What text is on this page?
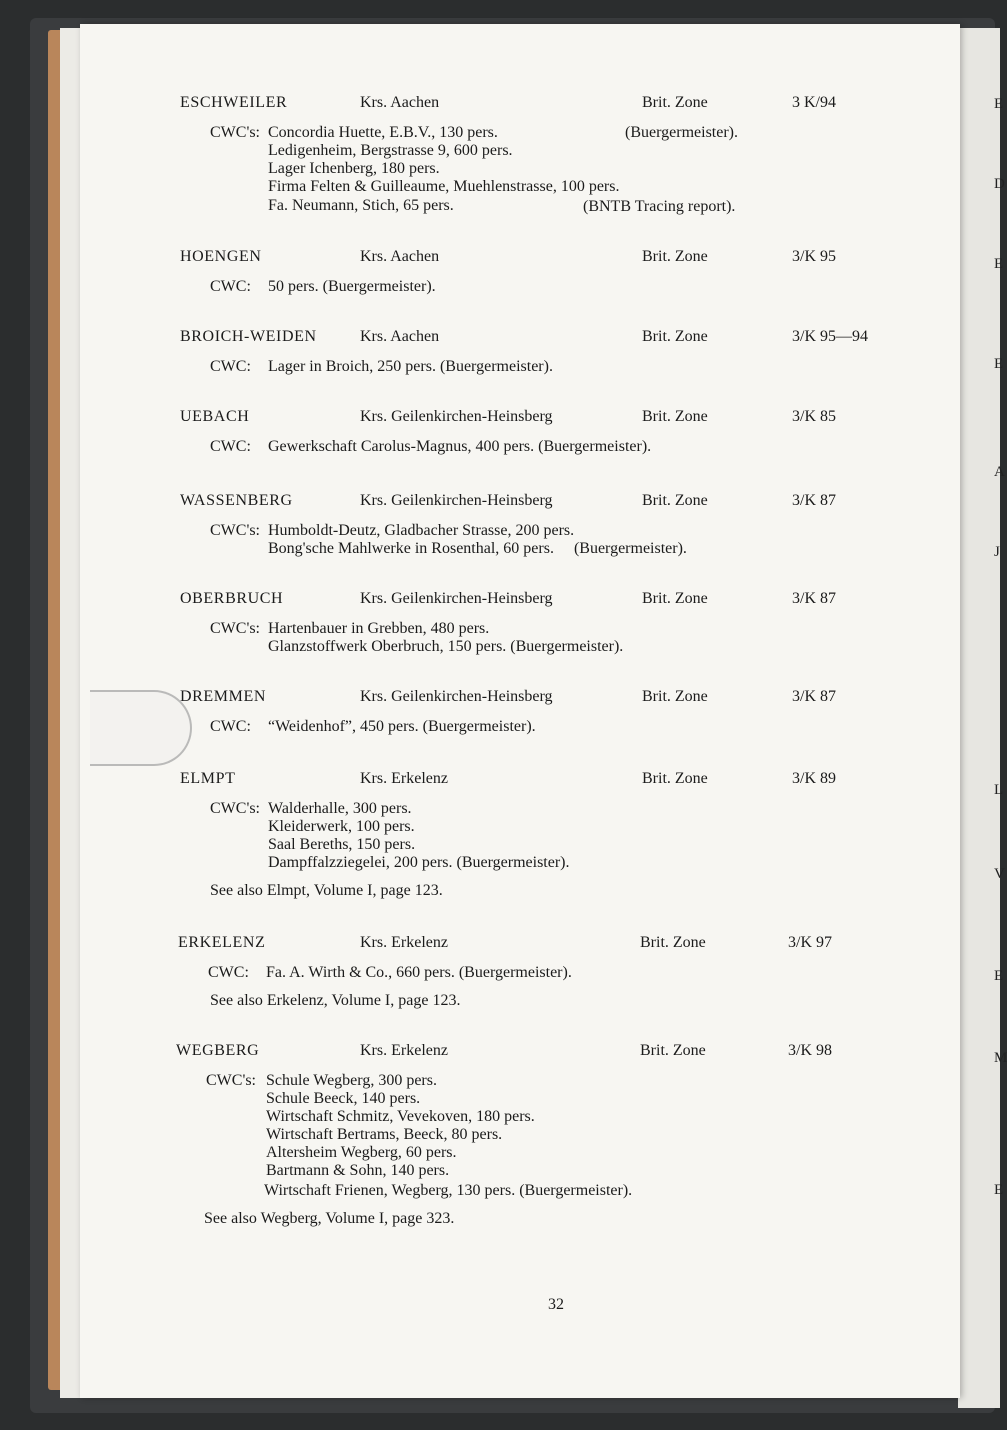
E
D
E
E
A
J
L
V
E
M
E
ESCHWEILER	Krs. Aachen	Brit. Zone	3 K/94
CWC's: Concordia Huette, E.B.V., 130 pers.
Ledigenheim, Bergstrasse 9, 600 pers.
Lager Ichenberg, 180 pers.
Firma Felten & Guilleaume, Muehlenstrasse, 100 pers.
Fa. Neumann, Stich, 65 pers.
(Buergermeister).
(BNTB Tracing report).
HOENGEN	Krs. Aachen	Brit. Zone	3/K 95
CWC: 50 pers. (Buergermeister).
BROICH-WEIDEN	Krs. Aachen	Brit. Zone	3/K 95—94
CWC: Lager in Broich, 250 pers. (Buergermeister).
UEBACH	Krs. Geilenkirchen-Heinsberg	Brit. Zone	3/K 85
CWC: Gewerkschaft Carolus-Magnus, 400 pers. (Buergermeister).
WASSENBERG	Krs. Geilenkirchen-Heinsberg	Brit. Zone	3/K 87
CWC's: Humboldt-Deutz, Gladbacher Strasse, 200 pers.
Bong'sche Mahlwerke in Rosenthal, 60 pers.     (Buergermeister).
OBERBRUCH	Krs. Geilenkirchen-Heinsberg	Brit. Zone	3/K 87
CWC's: Hartenbauer in Grebben, 480 pers.
Glanzstoffwerk Oberbruch, 150 pers. (Buergermeister).
DREMMEN	Krs. Geilenkirchen-Heinsberg	Brit. Zone	3/K 87
CWC: “Weidenhof”, 450 pers. (Buergermeister).
ELMPT	Krs. Erkelenz	Brit. Zone	3/K 89
CWC's: Walderhalle, 300 pers.
Kleiderwerk, 100 pers.
Saal Bereths, 150 pers.
Dampffalzziegelei, 200 pers. (Buergermeister).
See also Elmpt, Volume I, page 123.
ERKELENZ	Krs. Erkelenz	Brit. Zone	3/K 97
CWC: Fa. A. Wirth & Co., 660 pers. (Buergermeister).
See also Erkelenz, Volume I, page 123.
WEGBERG	Krs. Erkelenz	Brit. Zone	3/K 98
CWC's: Schule Wegberg, 300 pers.
Schule Beeck, 140 pers.
Wirtschaft Schmitz, Vevekoven, 180 pers.
Wirtschaft Bertrams, Beeck, 80 pers.
Altersheim Wegberg, 60 pers.
Bartmann & Sohn, 140 pers.
Wirtschaft Frienen, Wegberg, 130 pers. (Buergermeister).
See also Wegberg, Volume I, page 323.
32
